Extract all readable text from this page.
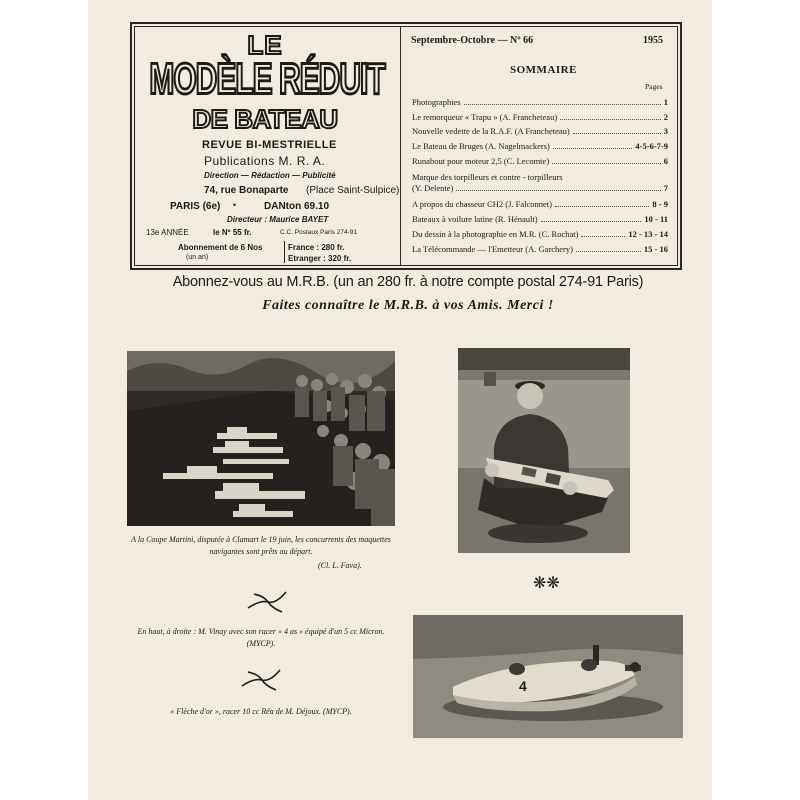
LE
MODÈLE RÉDUIT
DE BATEAU
REVUE BI-MESTRIELLE
Publications M. R. A.
Direction — Rédaction — Publicité
74, rue Bonaparte (Place Saint-Sulpice)
PARIS (6e) •	DANton 69.10
Directeur : Maurice BAYET
13e ANNÉE	le Nº 55 fr.	C.C. Postaux Paris 274-91
Abonnement de 6 Nos
(un an)
France : 280 fr.
Etranger : 320 fr.
Septembre-Octobre — Nº 66	1955
SOMMAIRE
Pages
Photographies	1
Le remorqueur « Trapu » (A. Francheteau)	2
Nouvelle vedette de la R.A.F. (A Francheteau)	3
Le Bateau de Bruges (A. Nagelmackers)	4-5-6-7-9
Runabout pour moteur 2,5 (C. Lecomte)	6
Marque des torpilleurs et contre - torpilleurs
(Y. Delente)	7
A propos du chasseur CH2 (J. Falconnet)	8 - 9
Bateaux à voilure latine (R. Hénault)	10 - 11
Du dessin à la photographie en M.R. (C. Rochat)	12 - 13 - 14
La Télécommande — l'Emetteur (A. Garchery)	15 - 16
Abonnez-vous au M.R.B. (un an 280 fr. à notre compte postal 274-91 Paris)
Faites connaître le M.R.B. à vos Amis. Merci !
A la Coupe Martini, disputée à Clamart le 19 juin, les concurrents des maquettes navigantes sont prêts au départ.
(Cl. L. Fava).
❋❋
En haut, à droite : M. Vinay avec son racer « 4 as » équipé d'un 5 cc Micron. (MYCP).
« Flèche d'or », racer 10 cc Réa de M. Déjoux. (MYCP).
4
